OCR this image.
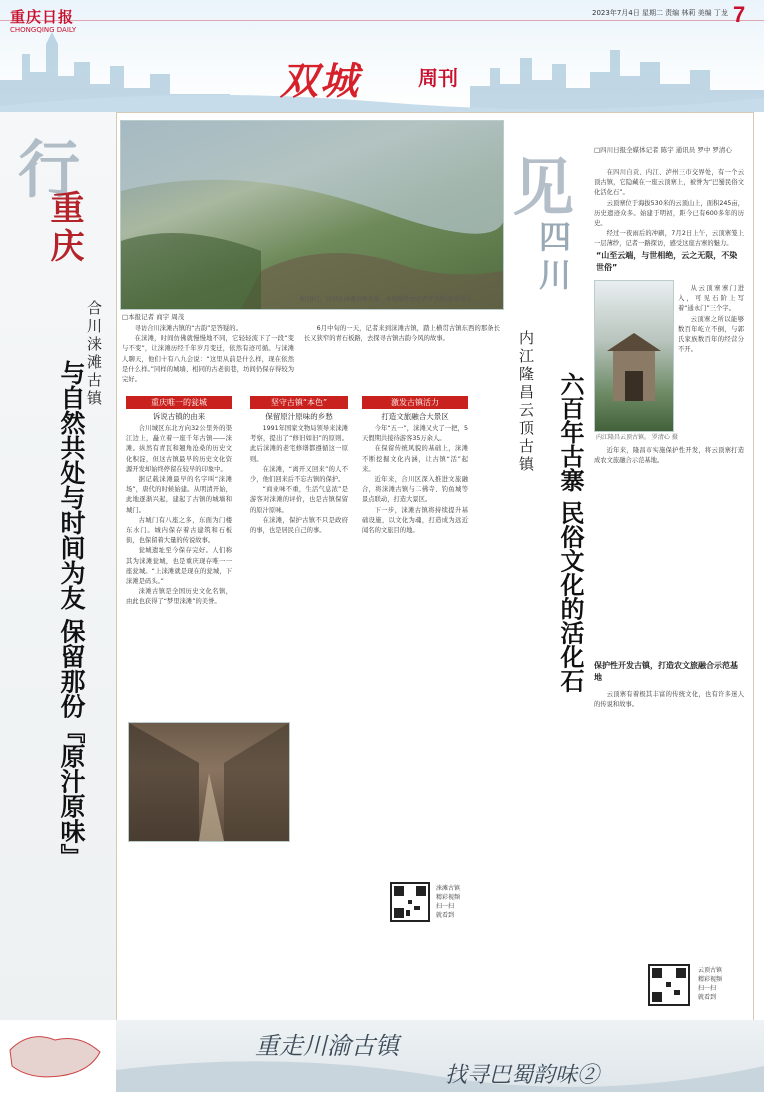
重庆日报
CHONGQING DAILY
2023年7月4日 星期二 责编 林莉 美编 丁龙 7
双城	周刊
行
重庆
合川涞滩古镇
6月9日，合川区涞滩古镇全景。本组稿件由记者罗芮摄/视觉重庆
□本报记者 商宇 周茂

寻访合川涞滩古镇的“古韵”是答疑的。

在涞滩，时间仿佛就慢慢地不同，它轻轻流下了一段“变与不变”，让涞滩历经千年岁月变迁，依然有迹可循。与涞滩人聊天，他们十有八九会说：“这里从前是什么样，现在依然是什么样。”同样的城墙、相同的古老街巷，坊间仍保存得较为完好。

6月中旬的一天，记者来到涞滩古镇，踏上横贯古镇东西的那条长长又狭窄的青石板路，去探寻古镇古韵今风的故事。

与自然共处与时间为友 保留那份『原汁原味』	重庆唯一的瓮城
诉说古镇的由来

合川城区东北方向32公里外的渠江边上，矗立着一座千年古镇——涞滩。纵然有青瓦和翘角沧桑的历史文化积淀，但这古镇最早的历史文化资源开发却始终停留在较早的印象中。

据记载涞滩最早的名字叫“涞滩场”，唐代的时候始建。从明清开始，此地逐渐兴起，建起了古镇的城墙和城门。

古城门有八座之多，东面为门楼东水门。城内保存着古建筑和石板街，也保留着大量的传说故事。

瓮城遗址至今保存完好。人们称其为涞滩瓮城，也是重庆现存唯一一座瓮城。“上涞滩就是现在的瓮城，下涞滩是码头。”

涞滩古镇是全国历史文化名镇，由此也获得了“梦里涞滩”的美誉。

坚守古镇“本色”
保留原汁原味的乡愁

1991年国家文物局领导来涞滩考察，提出了“修旧如旧”的原则。此后涞滩的老宅修缮都遵循这一原则。

在涞滩，“离开又回来”的人不少，他们回来后不忘古镇的保护。

“商业味不重，生活气息浓”是游客对涞滩的评价，也是古镇保留的原汁原味。

在涞滩，保护古镇不只是政府的事，也是居民自己的事。

激发古镇活力
打造文旅融合大景区

今年“五一”，涞滩又火了一把，5天假期共接待游客35万余人。

在保留传统风貌的基础上，涞滩不断挖掘文化内涵，让古镇“活”起来。

近年来，合川区深入推进文旅融合，将涞滩古镇与二佛寺、钓鱼城等景点联动，打造大景区。

下一步，涞滩古镇将持续提升基础设施，以文化为魂，打造成为远近闻名的文旅目的地。

涞滩古镇
精彩视频
扫一扫
就看到
见
四川
内江隆昌云顶古镇 六百年古寨 民俗文化的活化石
□四川日报全媒体记者 陈宇 通讯员 罗中 罗清心

在四川自贡、内江、泸州三市交界处，有一个云顶古镇，它隐藏在一座云顶寨上，被誉为“巴蜀民俗文化活化石”。

云顶寨位于海拔530米的云顶山上，面积245亩，历史遗迹众多。始建于明初，距今已有600多年的历史。

经过一夜雨后的冲刷，7月2日上午，云顶寨笼上一层薄纱，记者一路探访，感受这座古寨的魅力。

“山至云端，与世相绝，云之无限，不染世俗”
内江隆昌云顶古镇。 罗清心 摄

从云顶寨寨门进入，可见石阶上写着“通永门”三个字。

云顶寨之所以能够数百年屹立不倒，与郭氏家族数百年的经营分不开。

近年来，隆昌市实施保护性开发，将云顶寨打造成农文旅融合示范基地。

保护性开发古镇，打造农文旅融合示范基地

云顶寨有着极其丰富的传统文化，也有许多迷人的传说和故事。

云顶古镇
精彩视频
扫一扫
就看到
重走川渝古镇
找寻巴蜀韵味②
